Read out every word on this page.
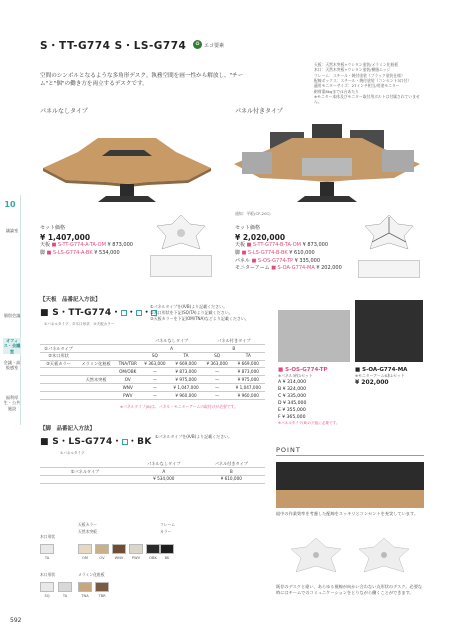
S・TT-G774 S・LS-G774	♻ エコ要素
空間のシンボルとなるような多角形デスク。執務空間を画一性から解放し、"チーム"と"個"の働き方を両立するデスクです。
天板：天然木突板+ウレタン塗装/メラミン化粧板
木口：天然木突板+ウレタン塗装/樹脂エッジ
フレーム：スチール・焼付塗装（ブラック塗装仕様）
配線ボックス：スチール・焼付塗装（コンセント3口付）
適用モニターサイズ：27インチ相当/用途モニター
耐荷重8kgまで/1台あたり
※モニター本体及びモニター取付用ボルトは付属されていません。
10
議論室
個別会議
オフィス・会議室
会議・高級感室
福利厚生・公共施設
パネルなしタイプ	パネル付きタイプ
通知：平板(CF-20C)
セット価格
¥ 1,407,000
天板 ■ S-TT-G774-A-TA-OM ¥ 873,000
脚 ■ S-LS-G774-A-BK ¥ 534,000
セット価格
¥ 2,020,000
天板 ■ S-TT-G774-B-TA-OM ¥ 873,000
脚 ■ S-LS-G774-B-BK ¥ 610,000
パネル ■ S-OS-G774-TP ¥ 335,000
モニターアーム ■ S-OA-G774-MA ¥ 202,000
【天板　品番記入方法】
■ S・TT-G774・ ・ ・
①パネルタイプ　 ②木口形状　 ③天板カラー
①パネルタイプを(A/B)より記載ください。
②木口形状を下記(SQ/TA)より記載ください。
③天板カラーを下記(OM/TNA)などより記載ください。
			パネルなしタイプ		パネル付きタイプ	
①パネルタイプ			A		B	
②木口形状			SQ	TA	SQ	TA
③天板カラー	メラミン化粧板	TNA/TBR	¥ 363,000	¥ 669,000	¥ 363,000	¥ 669,000
		OM/OBK	—	¥ 873,000	—	¥ 873,000
	天然木突板	OV	—	¥ 975,000	—	¥ 975,000
		WNV	—	¥ 1,047,000	—	¥ 1,047,000
		PWV	—	¥ 960,000	—	¥ 960,000
※パネルタイプ(B)は、パネル・モニターアームの取付けが必要です。
【脚　品番記入方法】
■ S・LS-G774・ ・BK
①パネルタイプ
①パネルタイプを(A/B)より記載ください。
	パネルなしタイプ	パネル付きタイプ
①パネルタイプ	A	B
	¥ 534,000	¥ 610,000
木口形状
TA
天板カラー
天然木突板
OM	OV	WNV	PWV	OBK
フレーム
カラー
BK
木口形状
SQ	TA
メラミン化粧板
TNA	TBR
■ S-OS-G774-TP
※パネル3枚1セット
A ¥ 314,000
B ¥ 324,000
C ¥ 335,000
D ¥ 345,000
E ¥ 355,000
F ¥ 365,000
※パネルタイプ(B)の天板に必要です。
■ S-OA-G774-MA
※モニターアーム6本1セット
¥ 202,000
POINT
組中の作業効率を考慮した配線をスッキリとコンセントを充実しています。
既存のデスクと違い、あらゆる視線が向かい合わない丸形状のデスク。必要な時にはチームでのコミュニケーションをとりながら働くことができます。
592
